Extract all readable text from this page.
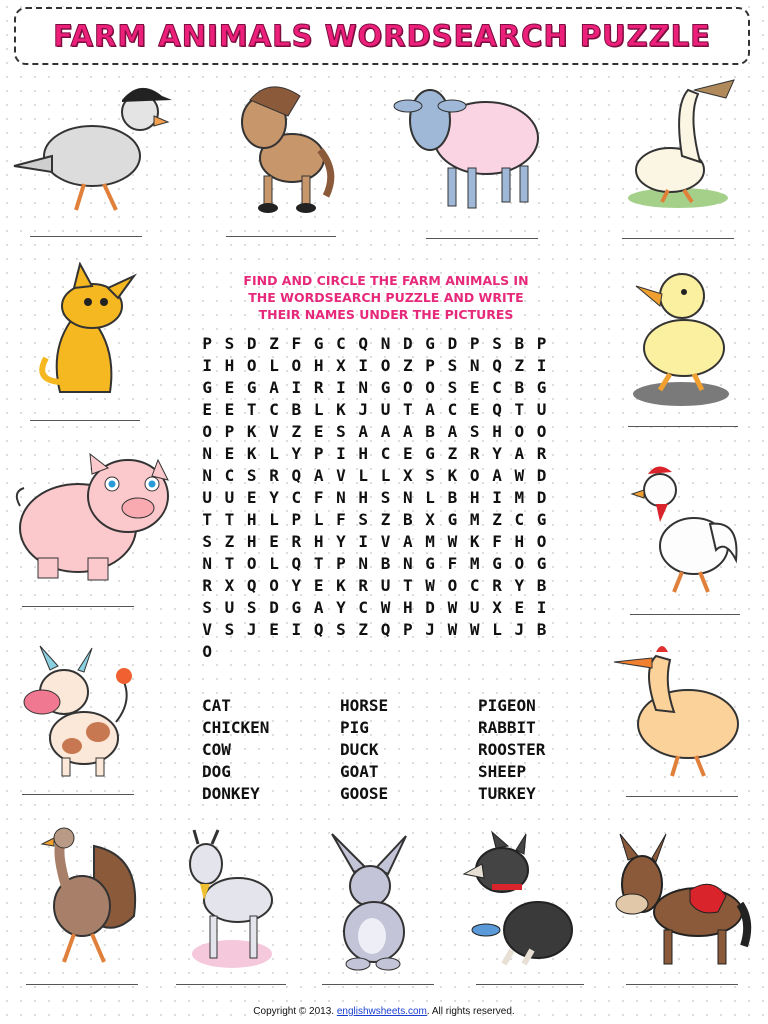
FARM ANIMALS WORDSEARCH PUZZLE
FIND AND CIRCLE THE FARM ANIMALS IN
THE WORDSEARCH PUZZLE AND WRITE
THEIR NAMES UNDER THE PICTURES
P S D Z F G C Q N D G D P S B P
I H O L O H X I O Z P S N Q Z I
G E G A I R I N G O O S E C B G
E E T C B L K J U T A C E Q T U
O P K V Z E S A A A B A S H O O
N E K L Y P I H C E G Z R Y A R
N C S R Q A V L L X S K O A W D
U U E Y C F N H S N L B H I M D
T T H L P L F S Z B X G M Z C G
S Z H E R H Y I V A M W K F H O
N T O L Q T P N B N G F M G O G
R X Q O Y E K R U T W O C R Y B
S U S D G A Y C W H D W U X E I
V S J E I Q S Z Q P J W W L J B
O
CAT
CHICKEN
COW
DOG
DONKEY
HORSE
PIG
DUCK
GOAT
GOOSE
PIGEON
RABBIT
ROOSTER
SHEEP
TURKEY
Copyright © 2013. englishwsheets.com. All rights reserved.
